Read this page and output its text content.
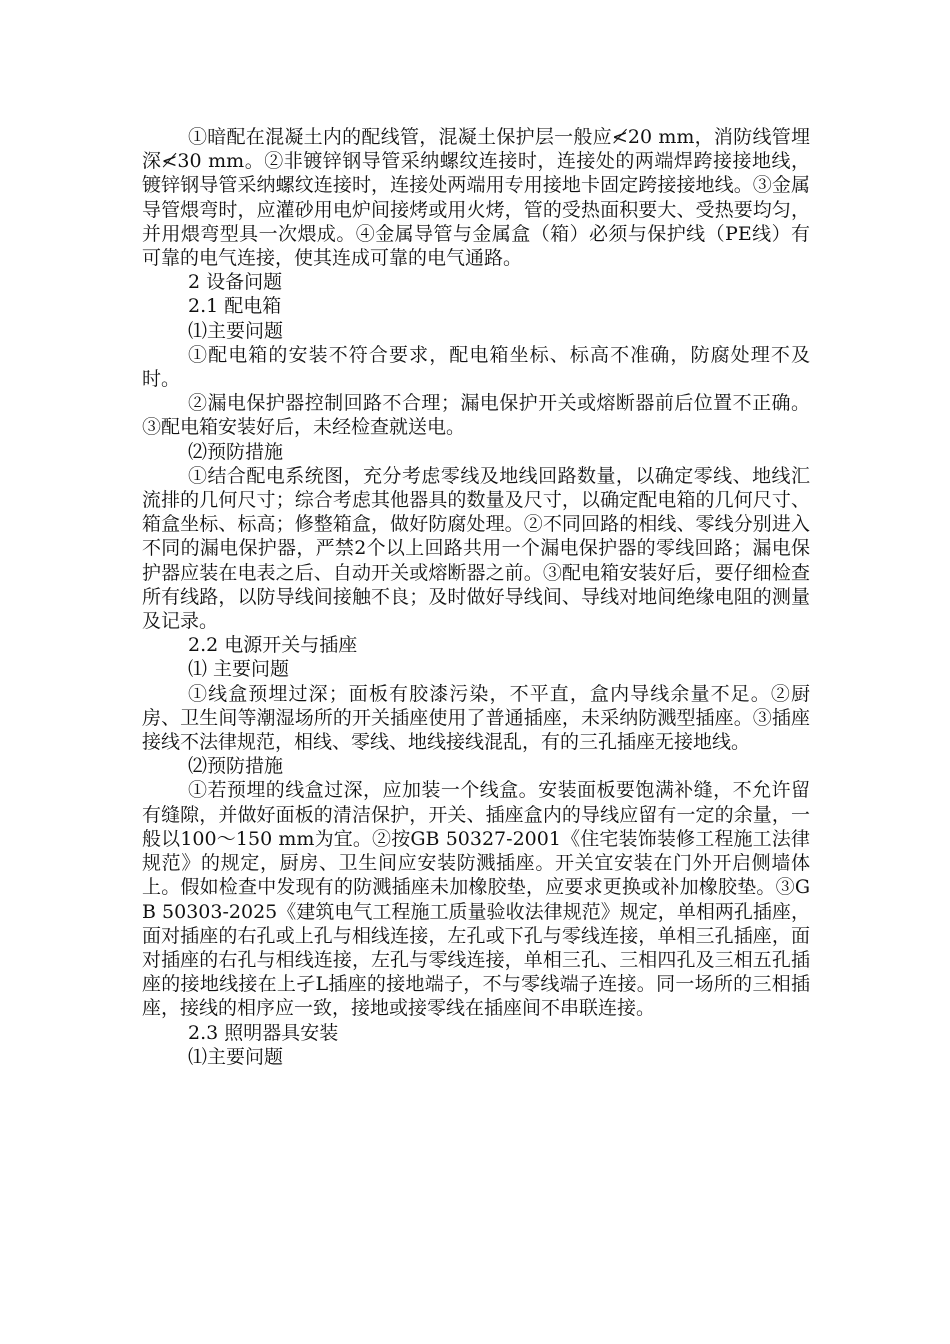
①暗配在混凝土内的配线管，混凝土保护层一般应≮20 mm，消防线管埋深≮30 mm。②非镀锌钢导管采纳螺纹连接时，连接处的两端焊跨接接地线，镀锌钢导管采纳螺纹连接时，连接处两端用专用接地卡固定跨接接地线。③金属导管煨弯时，应灌砂用电炉间接烤或用火烤，管的受热面积要大、受热要均匀，并用煨弯型具一次煨成。④金属导管与金属盒（箱）必须与保护线（PE线）有可靠的电气连接，使其连成可靠的电气通路。

2 设备问题

2.1 配电箱

⑴主要问题

①配电箱的安装不符合要求，配电箱坐标、标高不准确，防腐处理不及时。

②漏电保护器控制回路不合理；漏电保护开关或熔断器前后位置不正确。③配电箱安装好后，未经检查就送电。

⑵预防措施

①结合配电系统图，充分考虑零线及地线回路数量，以确定零线、地线汇流排的几何尺寸；综合考虑其他器具的数量及尺寸，以确定配电箱的几何尺寸、箱盒坐标、标高；修整箱盒，做好防腐处理。②不同回路的相线、零线分别进入不同的漏电保护器，严禁2个以上回路共用一个漏电保护器的零线回路；漏电保护器应装在电表之后、自动开关或熔断器之前。③配电箱安装好后，要仔细检查所有线路，以防导线间接触不良；及时做好导线间、导线对地间绝缘电阻的测量及记录。

2.2 电源开关与插座

⑴ 主要问题

①线盒预埋过深；面板有胶漆污染，不平直，盒内导线余量不足。②厨房、卫生间等潮湿场所的开关插座使用了普通插座，未采纳防溅型插座。③插座接线不法律规范，相线、零线、地线接线混乱，有的三孔插座无接地线。

⑵预防措施

①若预埋的线盒过深，应加装一个线盒。安装面板要饱满补缝，不允许留有缝隙，并做好面板的清洁保护，开关、插座盒内的导线应留有一定的余量，一般以100～150 mm为宜。②按GB 50327-2001《住宅装饰装修工程施工法律规范》的规定，厨房、卫生间应安装防溅插座。开关宜安装在门外开启侧墙体上。假如检查中发现有的防溅插座未加橡胶垫，应要求更换或补加橡胶垫。③GB 50303-2025《建筑电气工程施工质量验收法律规范》规定，单相两孔插座，面对插座的右孔或上孔与相线连接，左孔或下孔与零线连接，单相三孔插座，面对插座的右孔与相线连接，左孔与零线连接，单相三孔、三相四孔及三相五孔插座的接地线接在上孑L插座的接地端子，不与零线端子连接。同一场所的三相插座，接线的相序应一致，接地或接零线在插座间不串联连接。

2.3 照明器具安装

⑴主要问题
